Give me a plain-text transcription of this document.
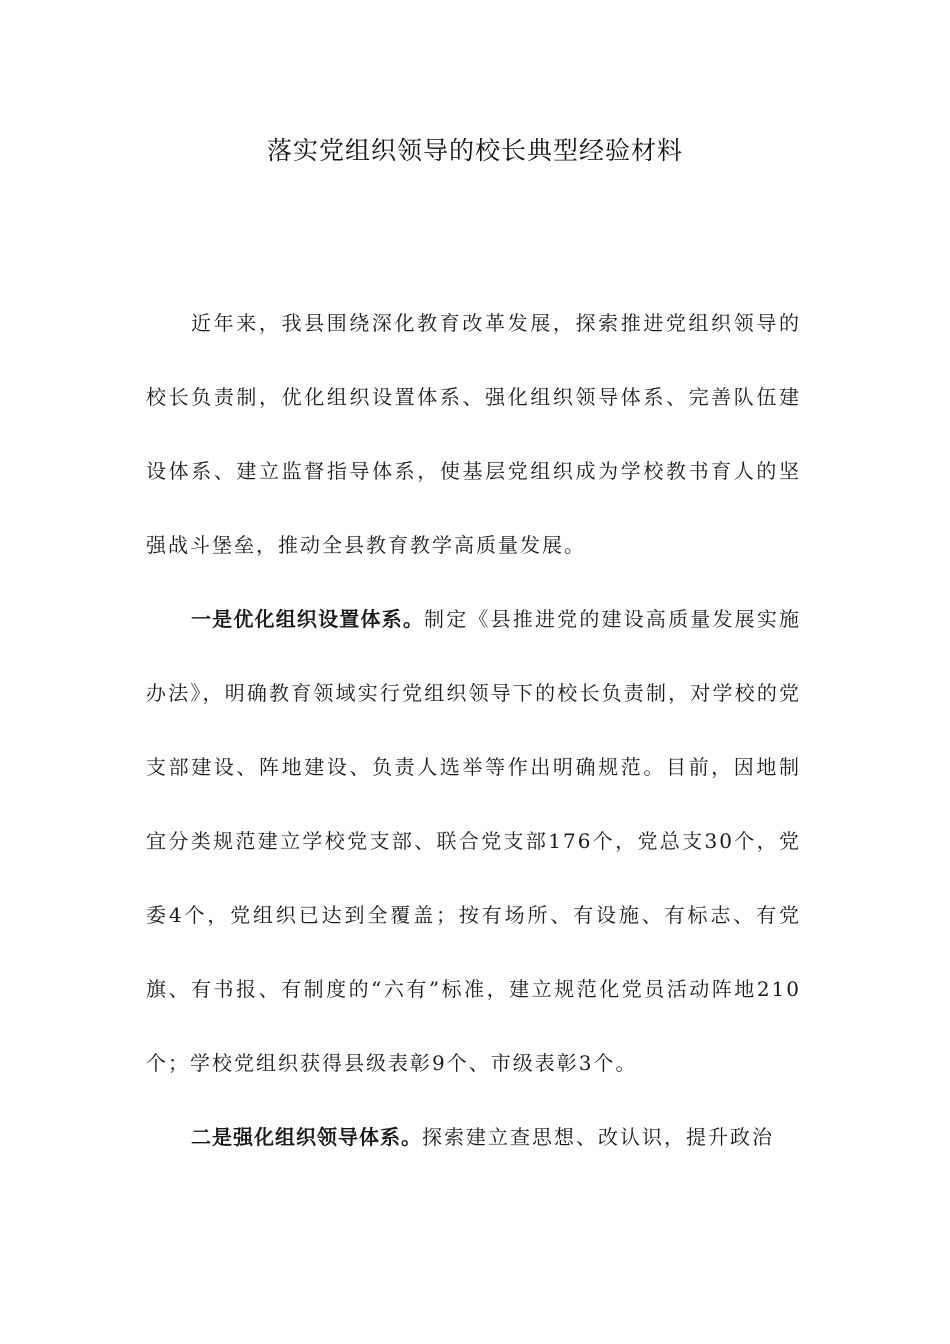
落实党组织领导的校长典型经验材料

近年来，我县围绕深化教育改革发展，探索推进党组织领导的校长负责制，优化组织设置体系、强化组织领导体系、完善队伍建设体系、建立监督指导体系，使基层党组织成为学校教书育人的坚强战斗堡垒，推动全县教育教学高质量发展。

一是优化组织设置体系。制定《县推进党的建设高质量发展实施办法》，明确教育领域实行党组织领导下的校长负责制，对学校的党支部建设、阵地建设、负责人选举等作出明确规范。目前，因地制宜分类规范建立学校党支部、联合党支部176个，党总支30个，党委4个，党组织已达到全覆盖；按有场所、有设施、有标志、有党旗、有书报、有制度的“六有”标准，建立规范化党员活动阵地210个；学校党组织获得县级表彰9个、市级表彰3个。

二是强化组织领导体系。探索建立查思想、改认识，提升政治
